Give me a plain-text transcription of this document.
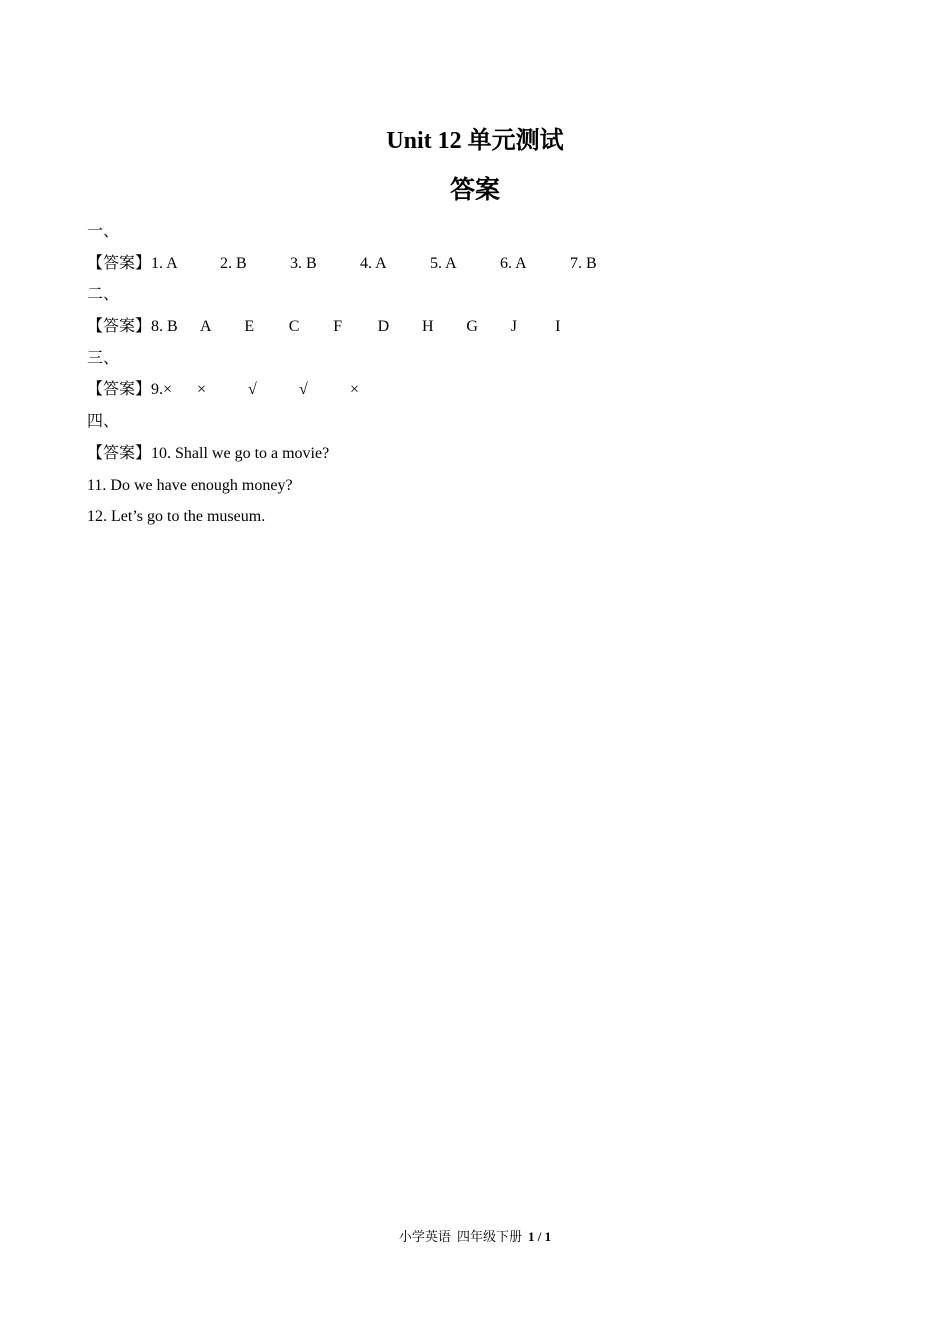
Unit 12 单元测试
答案
一、
【答案】 1. A	2. B	3. B	4. A	5. A	6. A	7. B
二、
【答案】 8. B	A	E	C	F	D	H	G	J	I
三、
【答案】 9.×	×	√	√	×
四、
【答案】 10. Shall we go to a movie?
11. Do we have enough money?
12. Let’s go to the museum.
小学英语 四年级下册 1 / 1
